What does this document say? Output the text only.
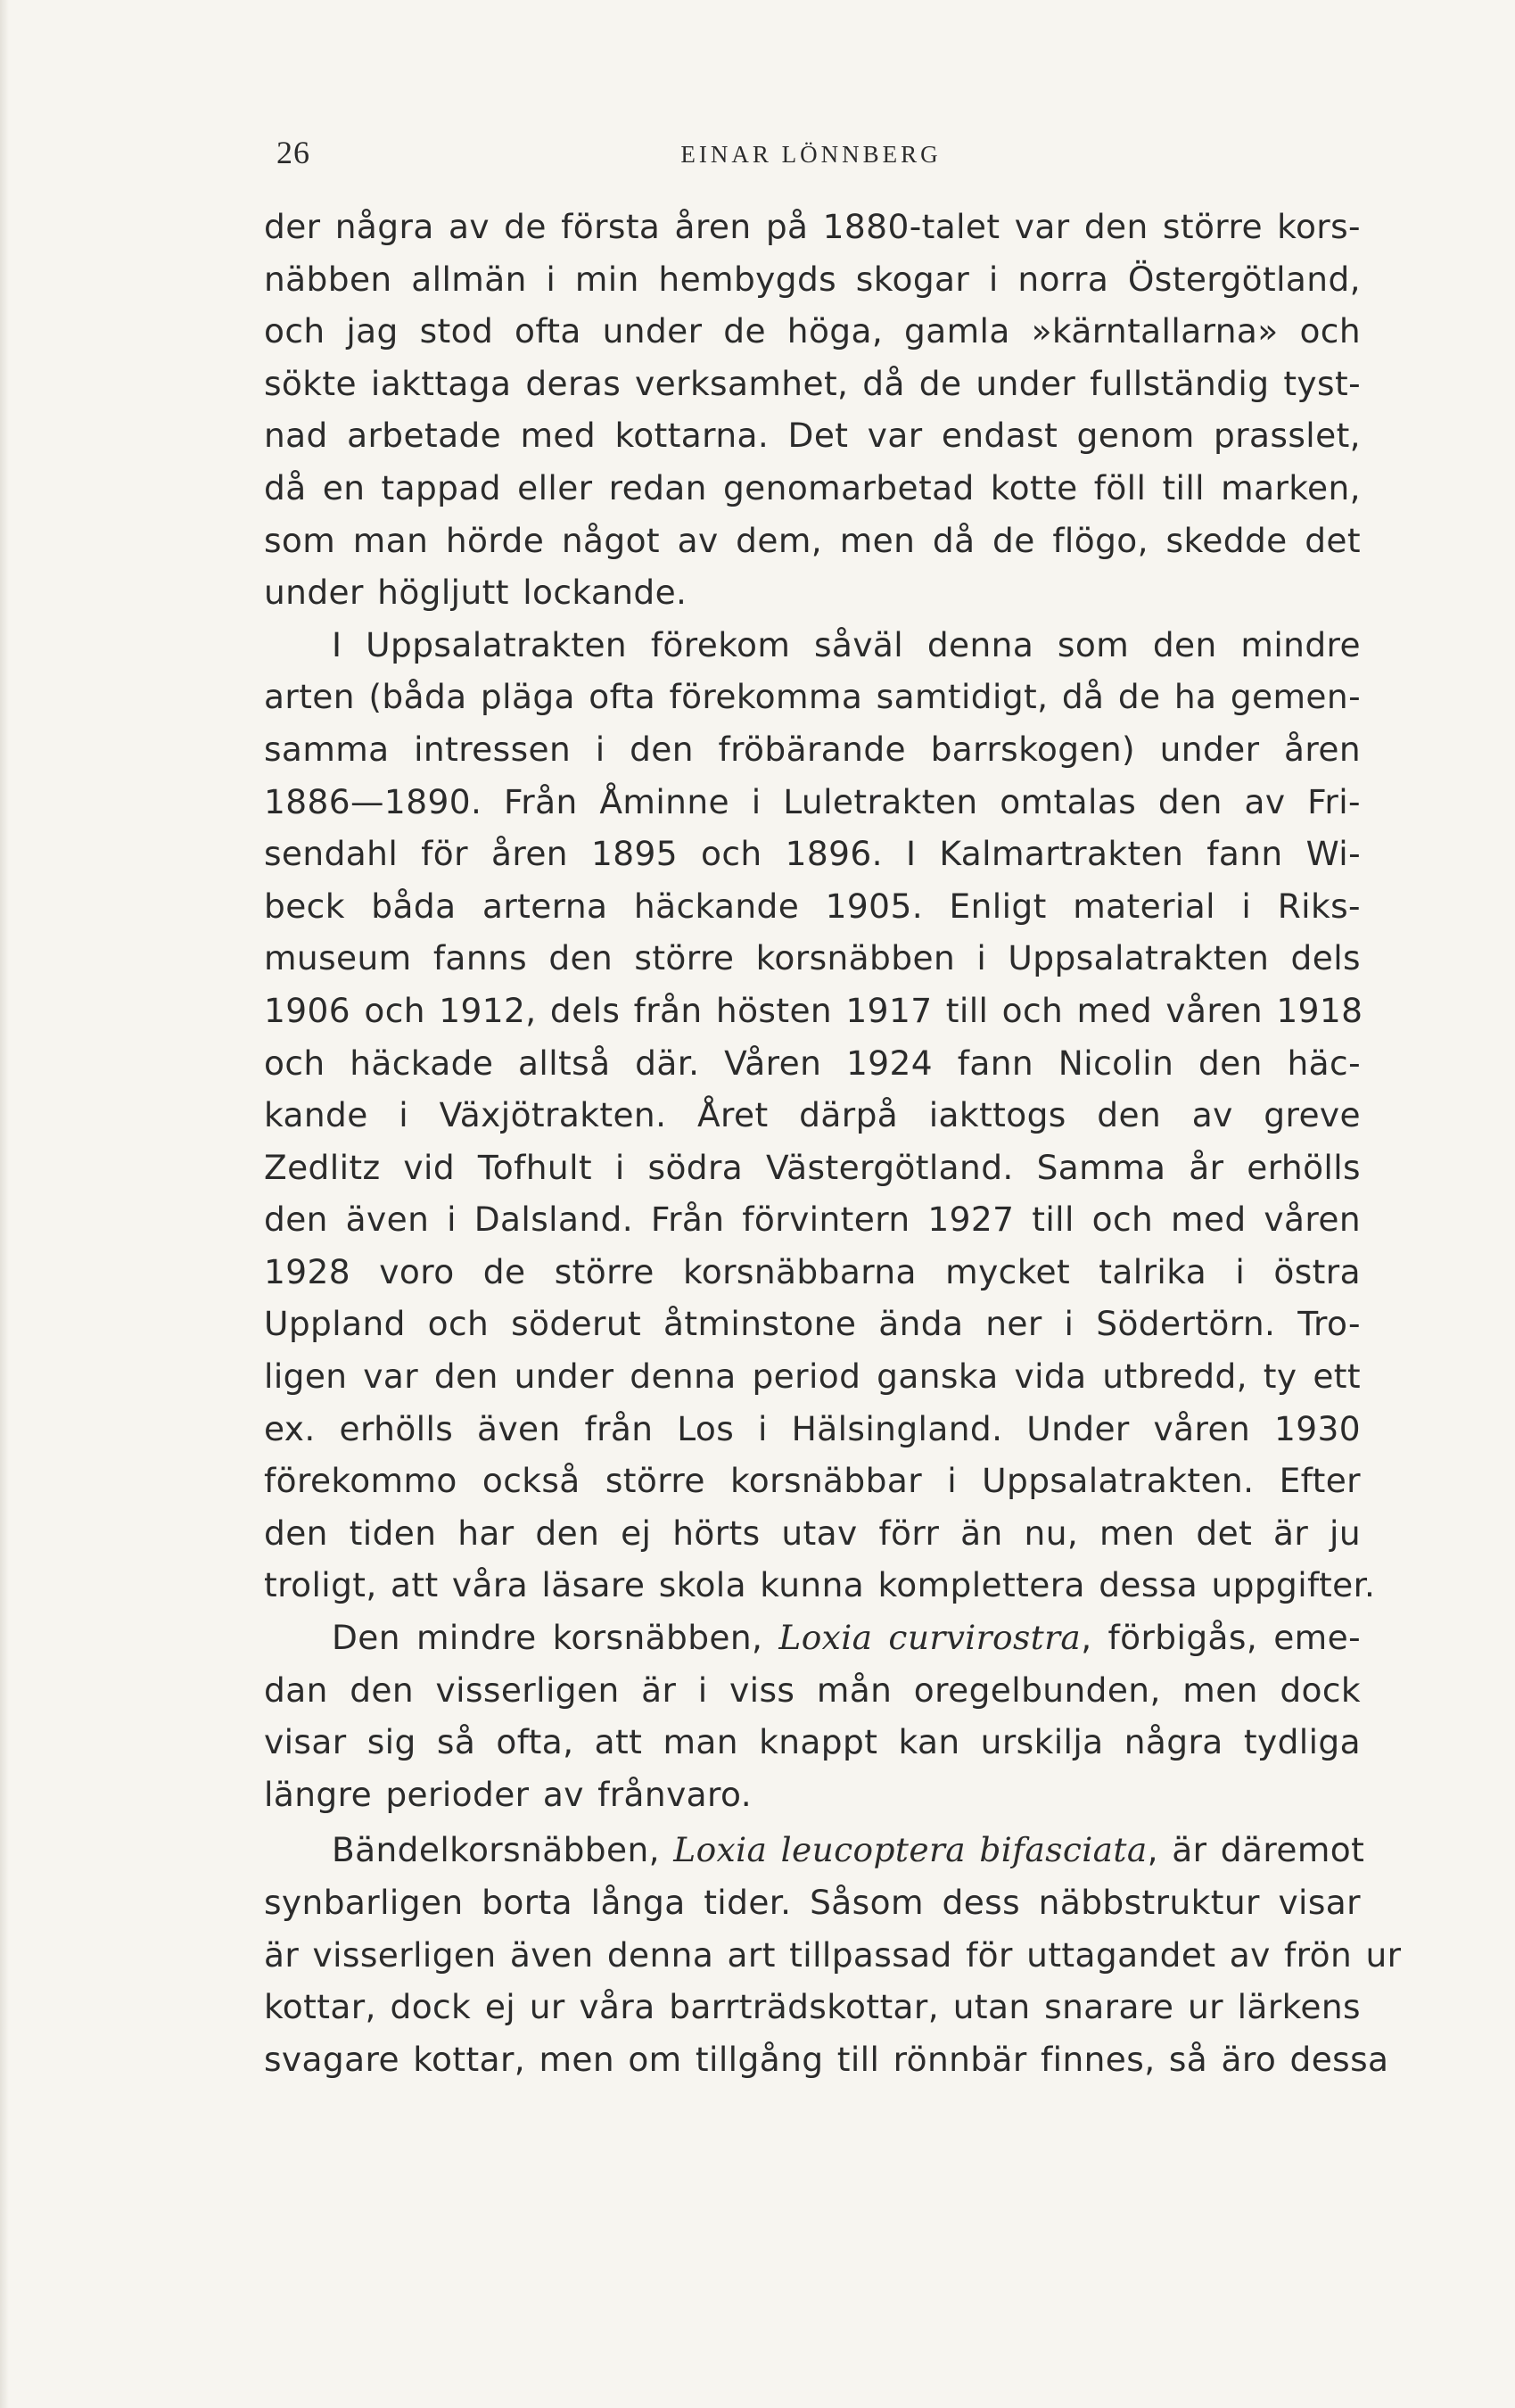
26	EINAR LÖNNBERG

der några av de första åren på 1880-talet var den större kors-
näbben allmän i min hembygds skogar i norra Östergötland,
och jag stod ofta under de höga, gamla »kärntallarna» och
sökte iakttaga deras verksamhet, då de under fullständig tyst-
nad arbetade med kottarna. Det var endast genom prasslet,
då en tappad eller redan genomarbetad kotte föll till marken,
som man hörde något av dem, men då de flögo, skedde det
under högljutt lockande.

I Uppsalatrakten förekom såväl denna som den mindre
arten (båda pläga ofta förekomma samtidigt, då de ha gemen-
samma intressen i den fröbärande barrskogen) under åren
1886—1890. Från Åminne i Luletrakten omtalas den av Fri-
sendahl för åren 1895 och 1896. I Kalmartrakten fann Wi-
beck båda arterna häckande 1905. Enligt material i Riks-
museum fanns den större korsnäbben i Uppsalatrakten dels
1906 och 1912, dels från hösten 1917 till och med våren 1918
och häckade alltså där. Våren 1924 fann Nicolin den häc-
kande i Växjötrakten. Året därpå iakttogs den av greve
Zedlitz vid Tofhult i södra Västergötland. Samma år erhölls
den även i Dalsland. Från förvintern 1927 till och med våren
1928 voro de större korsnäbbarna mycket talrika i östra
Uppland och söderut åtminstone ända ner i Södertörn. Tro-
ligen var den under denna period ganska vida utbredd, ty ett
ex. erhölls även från Los i Hälsingland. Under våren 1930
förekommo också större korsnäbbar i Uppsalatrakten. Efter
den tiden har den ej hörts utav förr än nu, men det är ju
troligt, att våra läsare skola kunna komplettera dessa uppgifter.

Den mindre korsnäbben, Loxia curvirostra, förbigås, eme-
dan den visserligen är i viss mån oregelbunden, men dock
visar sig så ofta, att man knappt kan urskilja några tydliga
längre perioder av frånvaro.

Bändelkorsnäbben, Loxia leucoptera bifasciata, är däremot
synbarligen borta långa tider. Såsom dess näbbstruktur visar
är visserligen även denna art tillpassad för uttagandet av frön ur
kottar, dock ej ur våra barrträdskottar, utan snarare ur lärkens
svagare kottar, men om tillgång till rönnbär finnes, så äro dessa
